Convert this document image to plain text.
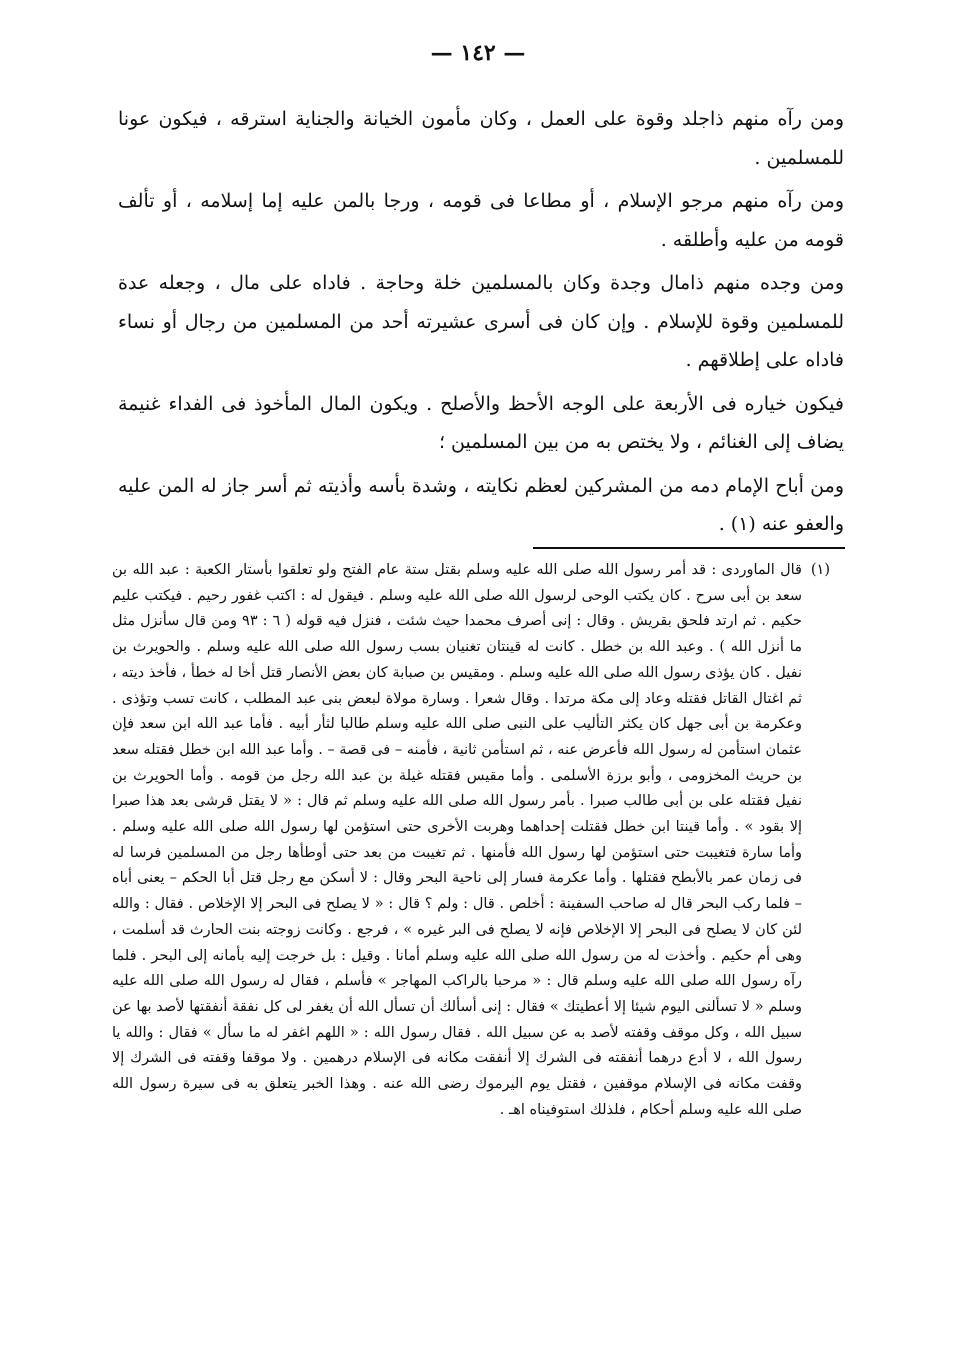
— ١٤٢ —

ومن رآه منهم ذاجلد وقوة على العمل ، وكان مأمون الخيانة والجناية استرقه ، فيكون عونا للمسلمين .

ومن رآه منهم مرجو الإسلام ، أو مطاعا فى قومه ، ورجا بالمن عليه إما إسلامه ، أو تألف قومه من عليه وأطلقه .

ومن وجده منهم ذامال وجدة وكان بالمسلمين خلة وحاجة . فاداه على مال ، وجعله عدة للمسلمين وقوة للإسلام . وإن كان فى أسرى عشيرته أحد من المسلمين من رجال أو نساء فاداه على إطلاقهم .

فيكون خياره فى الأربعة على الوجه الأحظ والأصلح . ويكون المال المأخوذ فى الفداء غنيمة يضاف إلى الغنائم ، ولا يختص به من بين المسلمين ؛

ومن أباح الإمام دمه من المشركين لعظم نكايته ، وشدة بأسه وأذيته ثم أسر جاز له المن عليه والعفو عنه (١) .

(١)

قال الماوردى : قد أمر رسول الله صلى الله عليه وسلم بقتل ستة عام الفتح ولو تعلقوا بأستار الكعبة : عبد الله بن سعد بن أبى سرح . كان يكتب الوحى لرسول الله صلى الله عليه وسلم . فيقول له : اكتب غفور رحيم . فيكتب عليم حكيم . ثم ارتد فلحق بقريش . وقال : إنى أصرف محمدا حيث شئت ، فنزل فيه قوله ( ٦ : ٩٣ ومن قال سأنزل مثل ما أنزل الله ) . وعبد الله بن خطل . كانت له قينتان تغنيان بسب رسول الله صلى الله عليه وسلم . والحويرث بن نفيل . كان يؤذى رسول الله صلى الله عليه وسلم . ومقيس بن صبابة كان بعض الأنصار قتل أخا له خطأ ، فأخذ ديته ، ثم اغتال القاتل فقتله وعاد إلى مكة مرتدا . وقال شعرا . وسارة مولاة لبعض بنى عبد المطلب ، كانت تسب وتؤذى . وعكرمة بن أبى جهل كان يكثر التأليب على النبى صلى الله عليه وسلم طالبا لثأر أبيه . فأما عبد الله ابن سعد فإن عثمان استأمن له رسول الله فأعرض عنه ، ثم استأمن ثانية ، فأمنه – فى قصة – . وأما عبد الله ابن خطل فقتله سعد بن حريث المخزومى ، وأبو برزة الأسلمى . وأما مقيس فقتله غيلة بن عبد الله رجل من قومه . وأما الحويرث بن نفيل فقتله على بن أبى طالب صبرا . بأمر رسول الله صلى الله عليه وسلم ثم قال : « لا يقتل قرشى بعد هذا صبرا إلا بقود » . وأما قينتا ابن خطل فقتلت إحداهما وهربت الأخرى حتى استؤمن لها رسول الله صلى الله عليه وسلم . وأما سارة فتغيبت حتى استؤمن لها رسول الله فأمنها . ثم تغيبت من بعد حتى أوطأها رجل من المسلمين فرسا له فى زمان عمر بالأبطح فقتلها . وأما عكرمة فسار إلى ناحية البحر وقال : لا أسكن مع رجل قتل أبا الحكم – يعنى أباه – فلما ركب البحر قال له صاحب السفينة : أخلص . قال : ولم ؟ قال : « لا يصلح فى البحر إلا الإخلاص . فقال : والله لئن كان لا يصلح فى البحر إلا الإخلاص فإنه لا يصلح فى البر غيره » ، فرجع . وكانت زوجته بنت الحارث قد أسلمت ، وهى أم حكيم . وأخذت له من رسول الله صلى الله عليه وسلم أمانا . وقيل : بل خرجت إليه بأمانه إلى البحر . فلما رآه رسول الله صلى الله عليه وسلم قال : « مرحبا بالراكب المهاجر » فأسلم ، فقال له رسول الله صلى الله عليه وسلم « لا تسألنى اليوم شيئا إلا أعطيتك » فقال : إنى أسألك أن تسأل الله أن يغفر لى كل نفقة أنفقتها لأصد بها عن سبيل الله ، وكل موقف وقفته لأصد به عن سبيل الله . فقال رسول الله : « اللهم اغفر له ما سأل » فقال : والله يا رسول الله ، لا أدع درهما أنفقته فى الشرك إلا أنفقت مكانه فى الإسلام درهمين . ولا موقفا وقفته فى الشرك إلا وقفت مكانه فى الإسلام موقفين ، فقتل يوم اليرموك رضى الله عنه . وهذا الخبر يتعلق به فى سيرة رسول الله صلى الله عليه وسلم أحكام ، فلذلك استوفيناه اهـ .
